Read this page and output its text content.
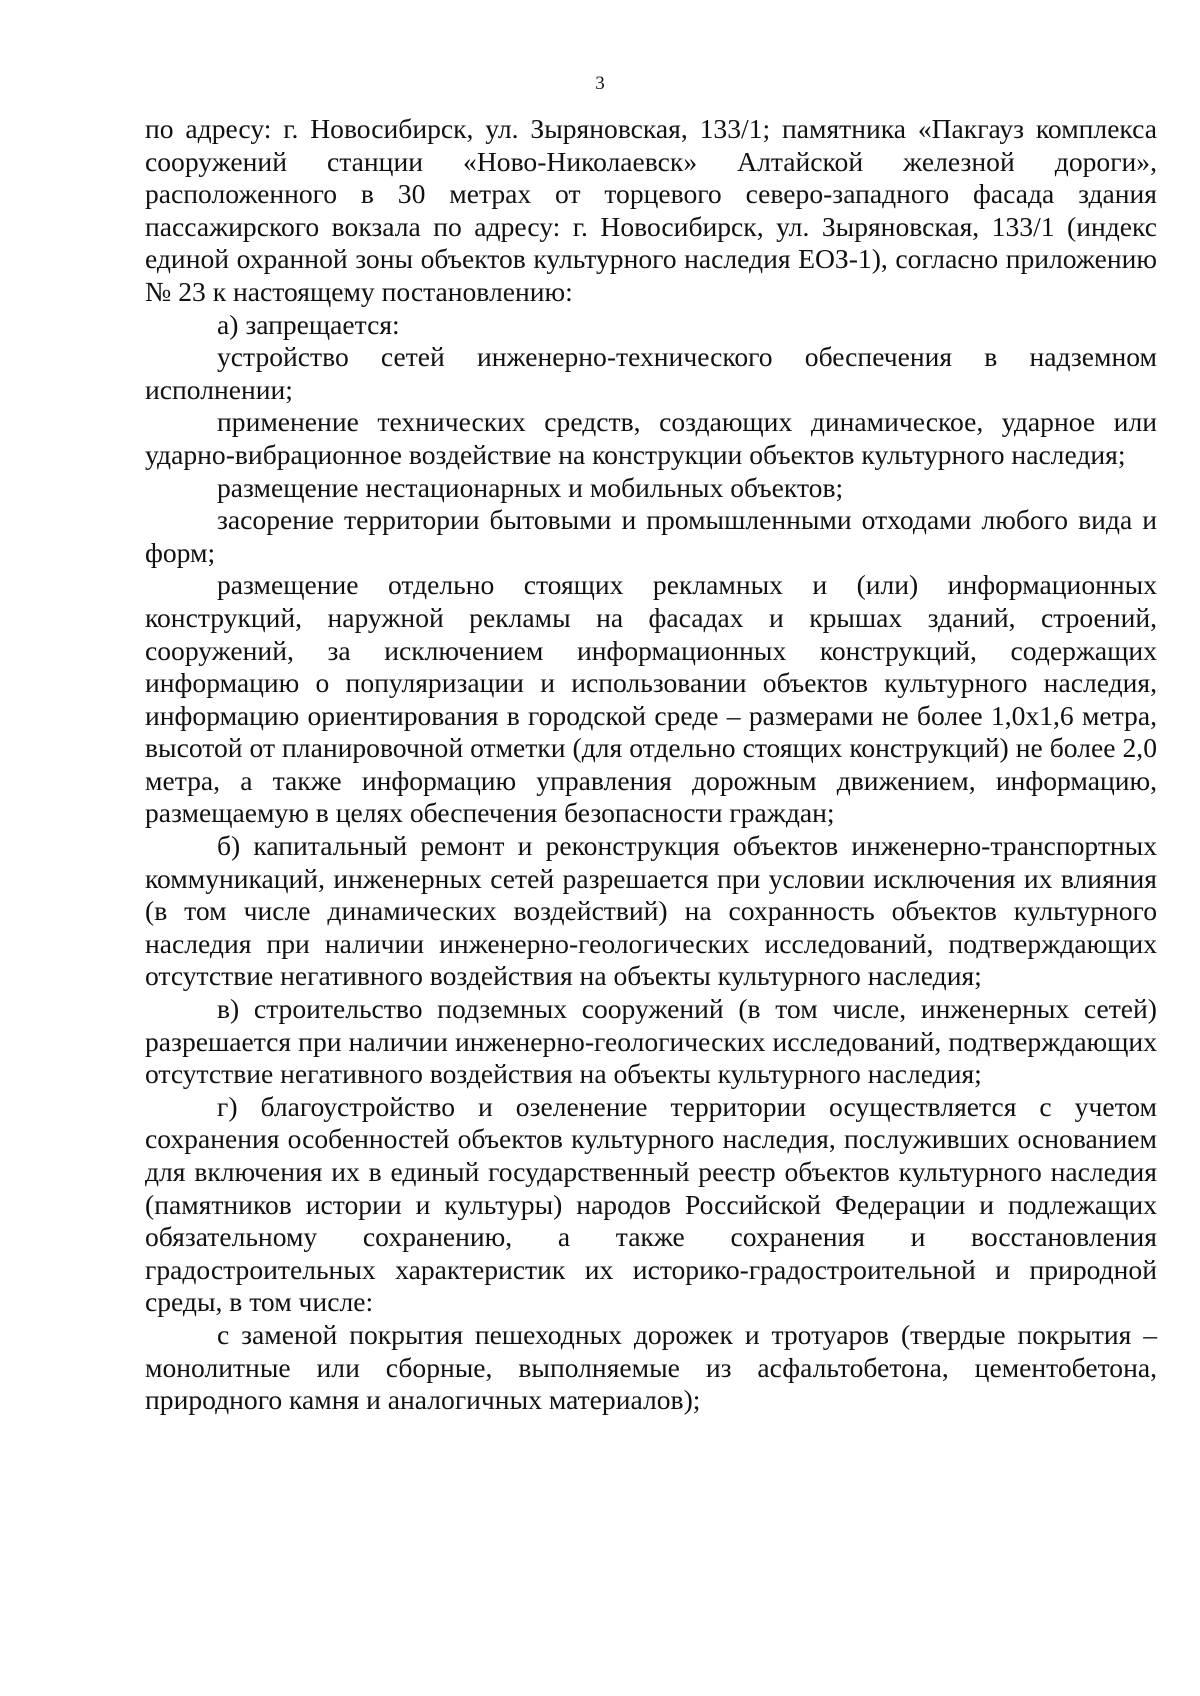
3

по адресу: г. Новосибирск, ул. Зыряновская, 133/1; памятника «Пакгауз комплекса сооружений станции «Ново-Николаевск» Алтайской железной дороги», расположенного в 30 метрах от торцевого северо-западного фасада здания пассажирского вокзала по адресу: г. Новосибирск, ул. Зыряновская, 133/1 (индекс единой охранной зоны объектов культурного наследия ЕОЗ-1), согласно приложению № 23 к настоящему постановлению:

а) запрещается:

устройство сетей инженерно-технического обеспечения в надземном исполнении;

применение технических средств, создающих динамическое, ударное или ударно-вибрационное воздействие на конструкции объектов культурного наследия;

размещение нестационарных и мобильных объектов;

засорение территории бытовыми и промышленными отходами любого вида и форм;

размещение отдельно стоящих рекламных и (или) информационных конструкций, наружной рекламы на фасадах и крышах зданий, строений, сооружений, за исключением информационных конструкций, содержащих информацию о популяризации и использовании объектов культурного наследия, информацию ориентирования в городской среде – размерами не более 1,0x1,6 метра, высотой от планировочной отметки (для отдельно стоящих конструкций) не более 2,0 метра, а также информацию управления дорожным движением, информацию, размещаемую в целях обеспечения безопасности граждан;

б) капитальный ремонт и реконструкция объектов инженерно-транспортных коммуникаций, инженерных сетей разрешается при условии исключения их влияния (в том числе динамических воздействий) на сохранность объектов культурного наследия при наличии инженерно-геологических исследований, подтверждающих отсутствие негативного воздействия на объекты культурного наследия;

в) строительство подземных сооружений (в том числе, инженерных сетей) разрешается при наличии инженерно-геологических исследований, подтверждающих отсутствие негативного воздействия на объекты культурного наследия;

г) благоустройство и озеленение территории осуществляется с учетом сохранения особенностей объектов культурного наследия, послуживших основанием для включения их в единый государственный реестр объектов культурного наследия (памятников истории и культуры) народов Российской Федерации и подлежащих обязательному сохранению, а также сохранения и восстановления градостроительных характеристик их историко-градостроительной и природной среды, в том числе:

с заменой покрытия пешеходных дорожек и тротуаров (твердые покрытия – монолитные или сборные, выполняемые из асфальтобетона, цементобетона, природного камня и аналогичных материалов);
